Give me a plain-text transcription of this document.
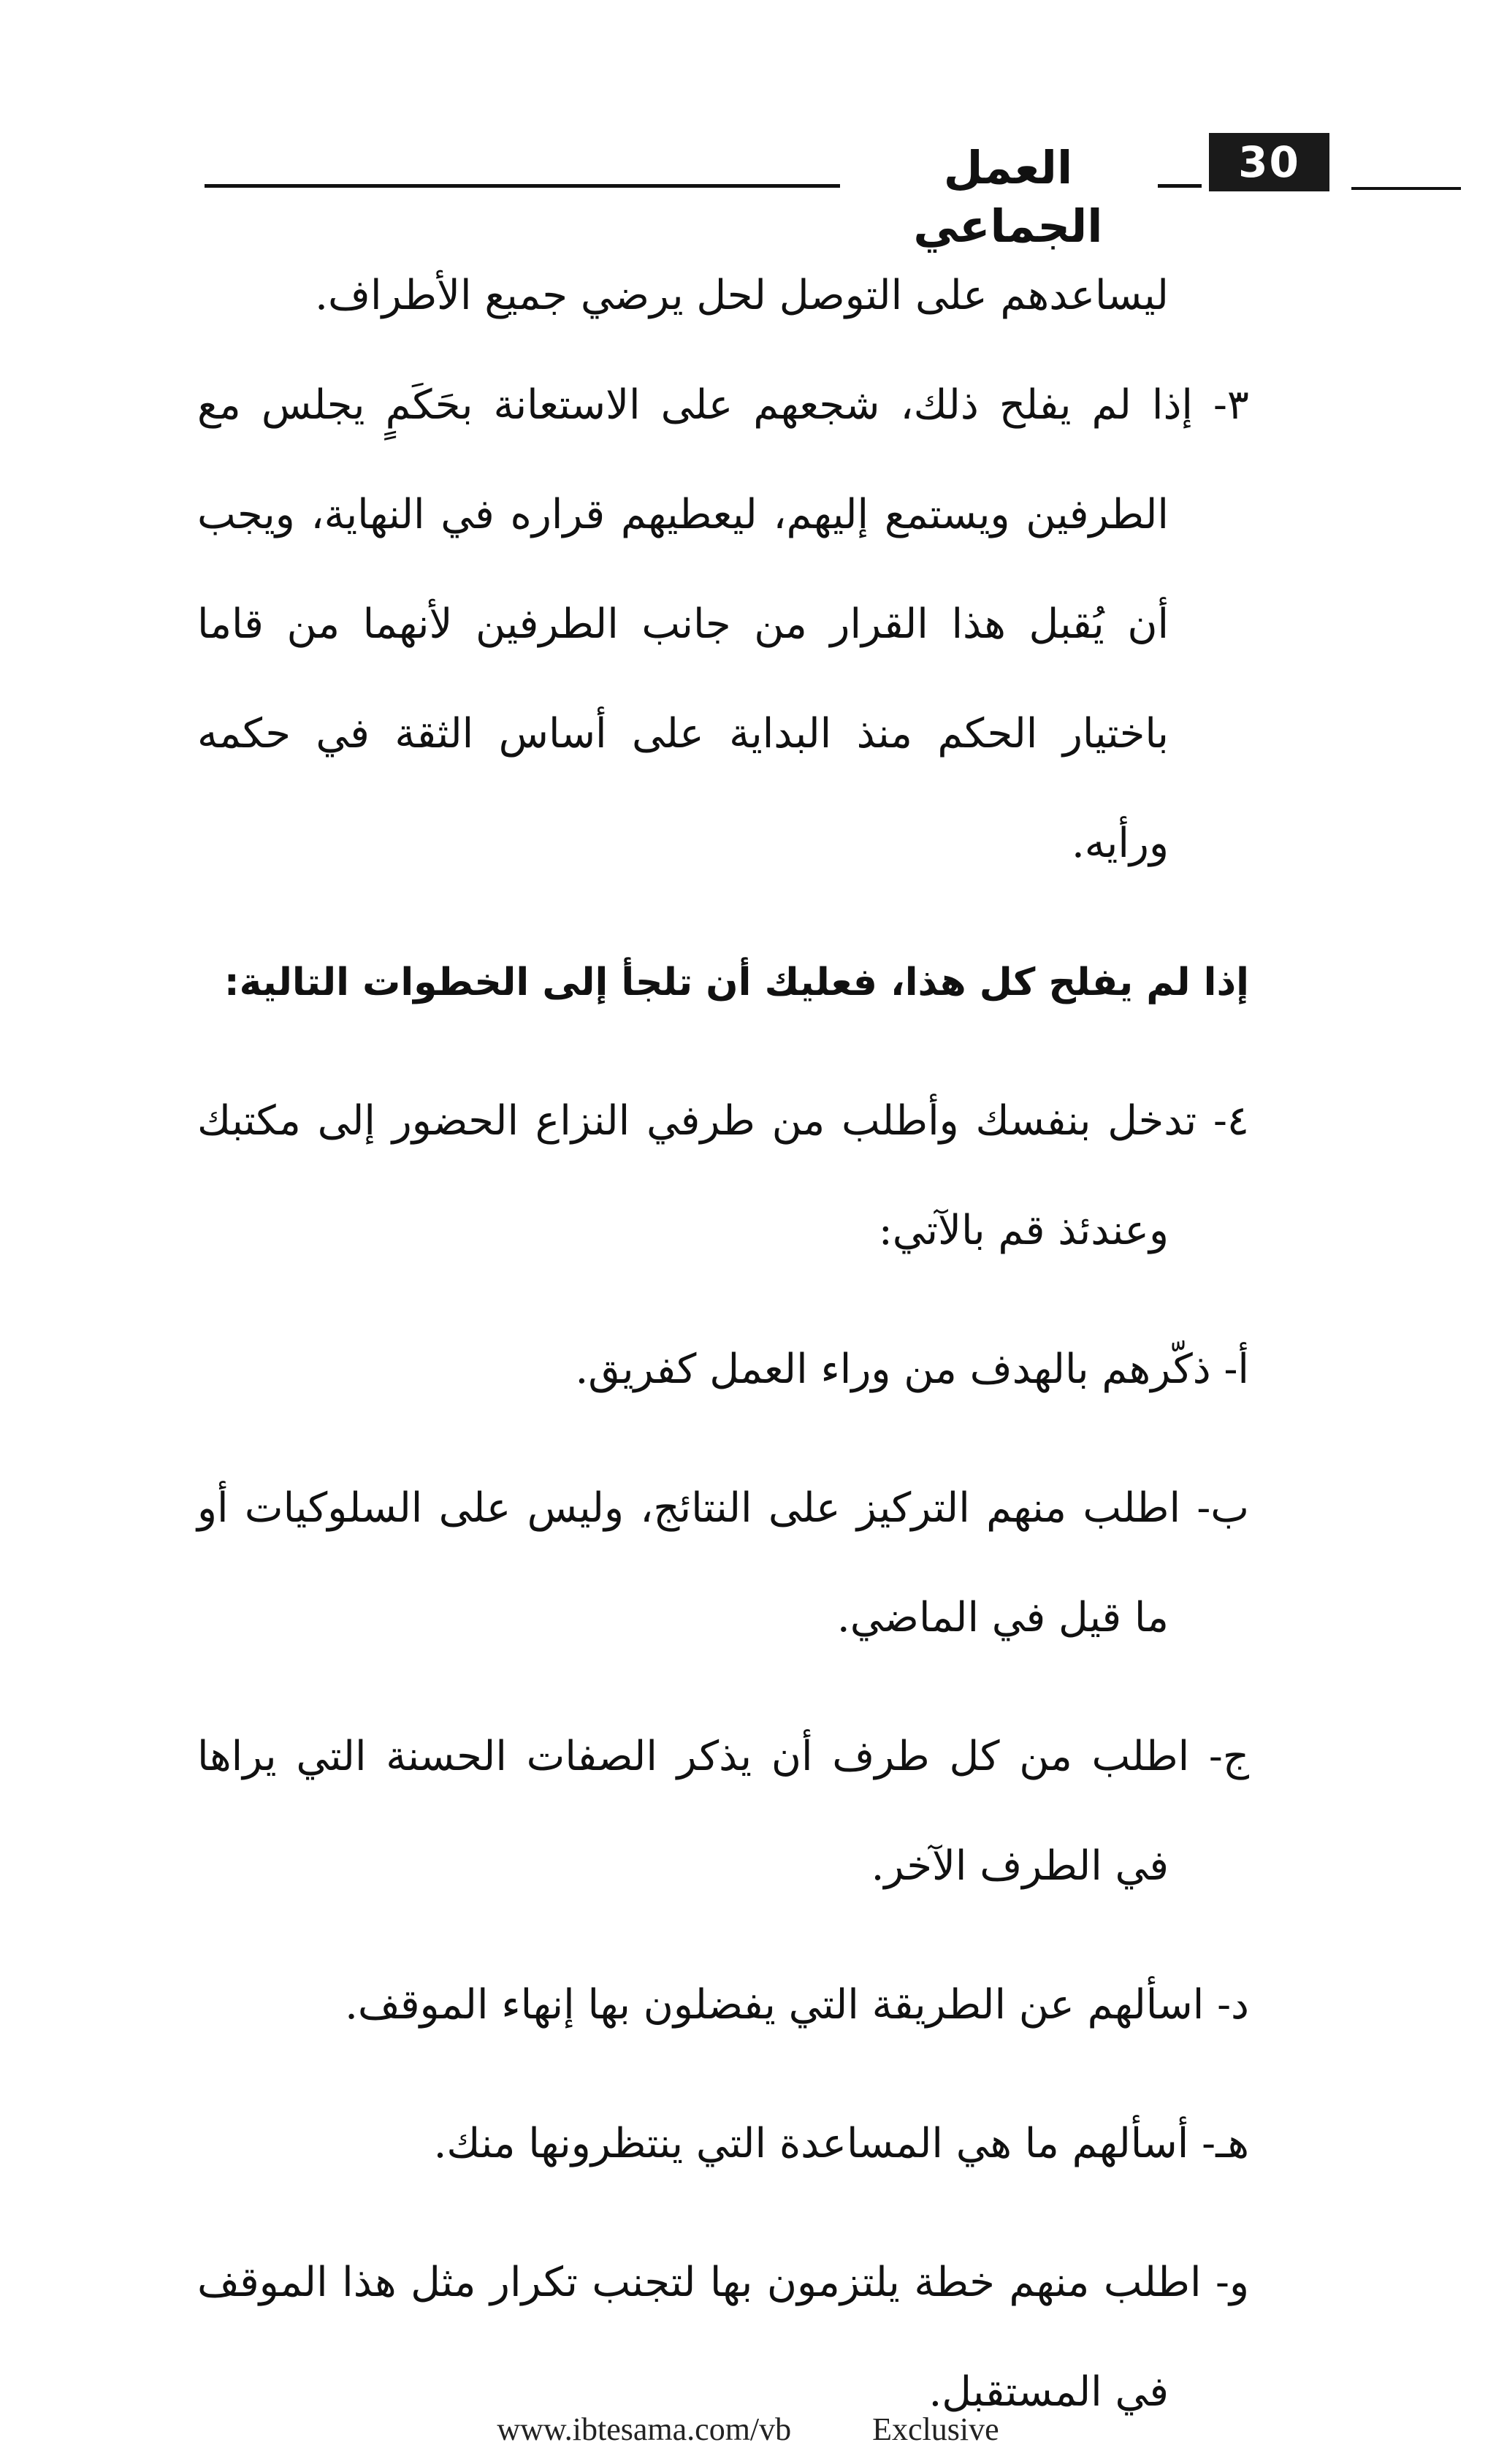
العمل الجماعي
30

ليساعدهم على التوصل لحل يرضي جميع الأطراف.

٣- إذا لم يفلح ذلك، شجعهم على الاستعانة بحَكَمٍ يجلس مع الطرفين ويستمع إليهم، ليعطيهم قراره في النهاية، ويجب أن يُقبل هذا القرار من جانب الطرفين لأنهما من قاما باختيار الحكم منذ البداية على أساس الثقة في حكمه ورأيه.

إذا لم يفلح كل هذا، فعليك أن تلجأ إلى الخطوات التالية:

٤- تدخل بنفسك وأطلب من طرفي النزاع الحضور إلى مكتبك وعندئذ قم بالآتي:

أ- ذكّرهم بالهدف من وراء العمل كفريق.

ب- اطلب منهم التركيز على النتائج، وليس على السلوكيات أو ما قيل في الماضي.

ج- اطلب من كل طرف أن يذكر الصفات الحسنة التي يراها في الطرف الآخر.

د- اسألهم عن الطريقة التي يفضلون بها إنهاء الموقف.

هـ- أسألهم ما هي المساعدة التي ينتظرونها منك.

و- اطلب منهم خطة يلتزمون بها لتجنب تكرار مثل هذا الموقف في المستقبل.

www.ibtesama.com/vb	Exclusive
